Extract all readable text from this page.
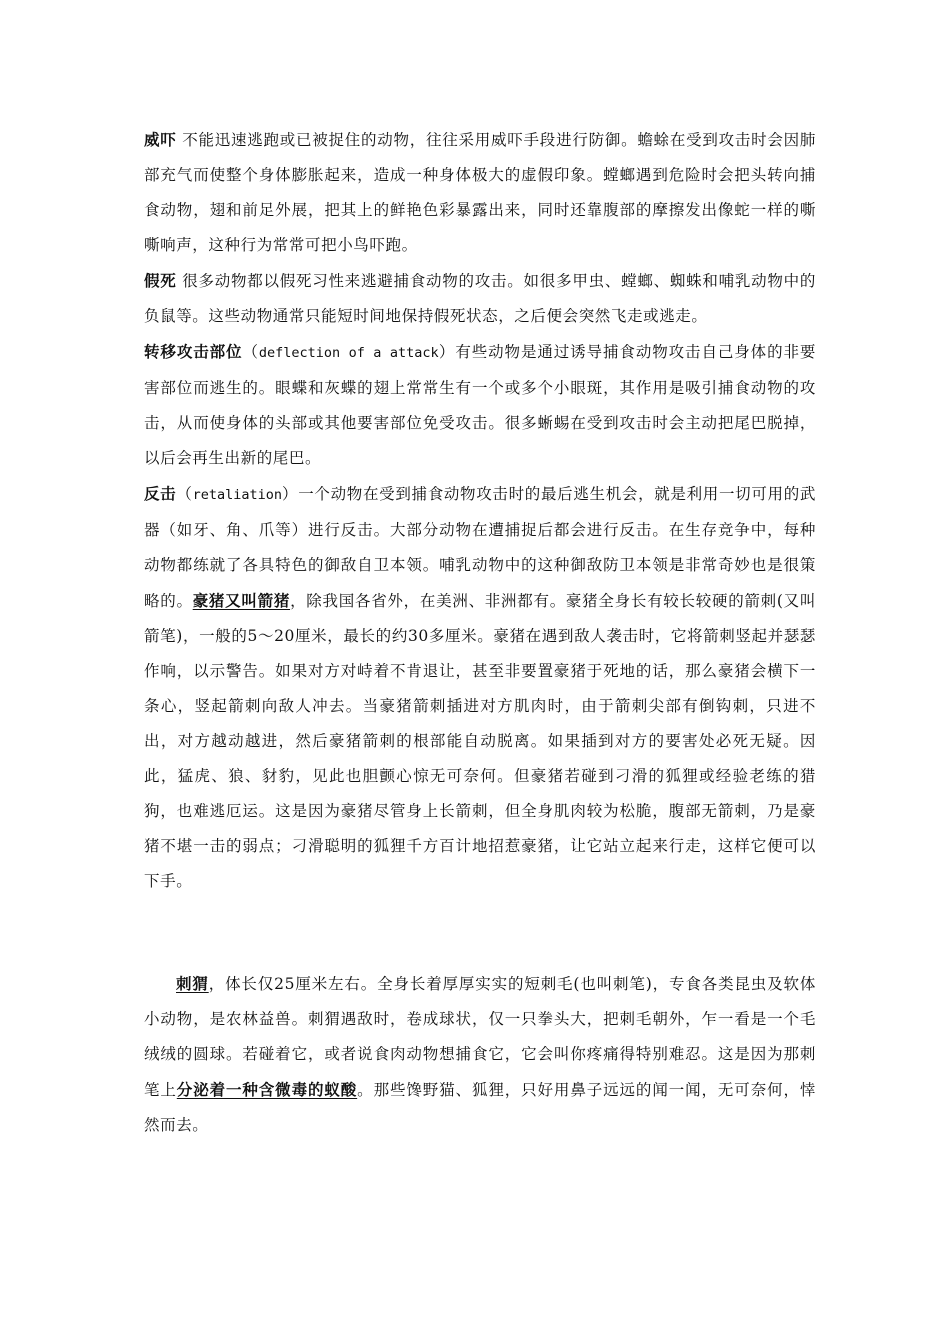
威吓 不能迅速逃跑或已被捉住的动物，往往采用威吓手段进行防御。蟾蜍在受到攻击时会因肺部充气而使整个身体膨胀起来，造成一种身体极大的虚假印象。螳螂遇到危险时会把头转向捕食动物，翅和前足外展，把其上的鲜艳色彩暴露出来，同时还靠腹部的摩擦发出像蛇一样的嘶嘶响声，这种行为常常可把小鸟吓跑。

假死 很多动物都以假死习性来逃避捕食动物的攻击。如很多甲虫、螳螂、蜘蛛和哺乳动物中的负鼠等。这些动物通常只能短时间地保持假死状态，之后便会突然飞走或逃走。

转移攻击部位（deflection of a attack）有些动物是通过诱导捕食动物攻击自己身体的非要害部位而逃生的。眼蝶和灰蝶的翅上常常生有一个或多个小眼斑，其作用是吸引捕食动物的攻击，从而使身体的头部或其他要害部位免受攻击。很多蜥蜴在受到攻击时会主动把尾巴脱掉，以后会再生出新的尾巴。

反击（retaliation）一个动物在受到捕食动物攻击时的最后逃生机会，就是利用一切可用的武器（如牙、角、爪等）进行反击。大部分动物在遭捕捉后都会进行反击。在生存竞争中，每种动物都练就了各具特色的御敌自卫本领。哺乳动物中的这种御敌防卫本领是非常奇妙也是很策略的。豪猪又叫箭猪，除我国各省外，在美洲、非洲都有。豪猪全身长有较长较硬的箭刺(又叫箭笔)，一般的5～20厘米，最长的约30多厘米。豪猪在遇到敌人袭击时，它将箭刺竖起并瑟瑟作响，以示警告。如果对方对峙着不肯退让，甚至非要置豪猪于死地的话，那么豪猪会横下一条心，竖起箭刺向敌人冲去。当豪猪箭刺插进对方肌肉时，由于箭刺尖部有倒钩刺，只进不出，对方越动越进，然后豪猪箭刺的根部能自动脱离。如果插到对方的要害处必死无疑。因此，猛虎、狼、豺豹，见此也胆颤心惊无可奈何。但豪猪若碰到刁滑的狐狸或经验老练的猎狗，也难逃厄运。这是因为豪猪尽管身上长箭刺，但全身肌肉较为松脆，腹部无箭刺，乃是豪猪不堪一击的弱点；刁滑聪明的狐狸千方百计地招惹豪猪，让它站立起来行走，这样它便可以下手。

刺猬，体长仅25厘米左右。全身长着厚厚实实的短刺毛(也叫刺笔)，专食各类昆虫及软体小动物，是农林益兽。刺猬遇敌时，卷成球状，仅一只拳头大，把刺毛朝外，乍一看是一个毛绒绒的圆球。若碰着它，或者说食肉动物想捕食它，它会叫你疼痛得特别难忍。这是因为那刺笔上分泌着一种含微毒的蚁酸。那些馋野猫、狐狸，只好用鼻子远远的闻一闻，无可奈何，悻然而去。
